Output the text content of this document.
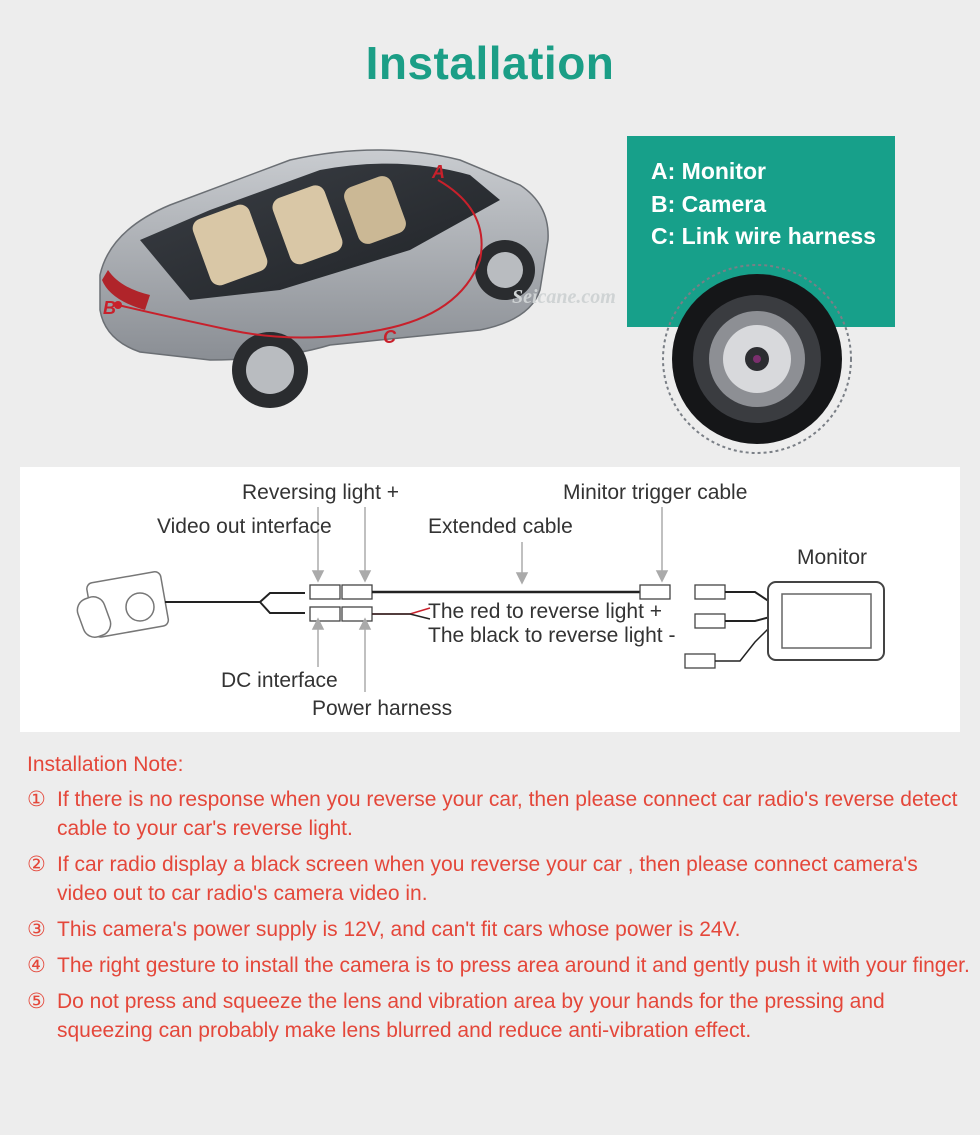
Installation
A
B
C
A: Monitor
B: Camera
C: Link wire harness
Seicane.com
Reversing light +	Minitor trigger cable
Video out interface	Extended cable
Monitor
The red to reverse light +
The black to reverse light -
DC interface
Power harness
Installation Note:
① If there is no response when you reverse your car, then please connect car radio's reverse detect cable to your car's reverse light.
② If car radio display a black screen when you reverse your car , then please connect camera's video out to car radio's camera video in.
③ This camera's power supply is 12V, and can't fit cars whose power is 24V.
④ The right gesture to install the camera is to press area around it and gently push it with your finger.
⑤ Do not press and squeeze the lens and vibration area by your hands for the pressing and squeezing can probably make lens blurred and reduce anti-vibration effect.
